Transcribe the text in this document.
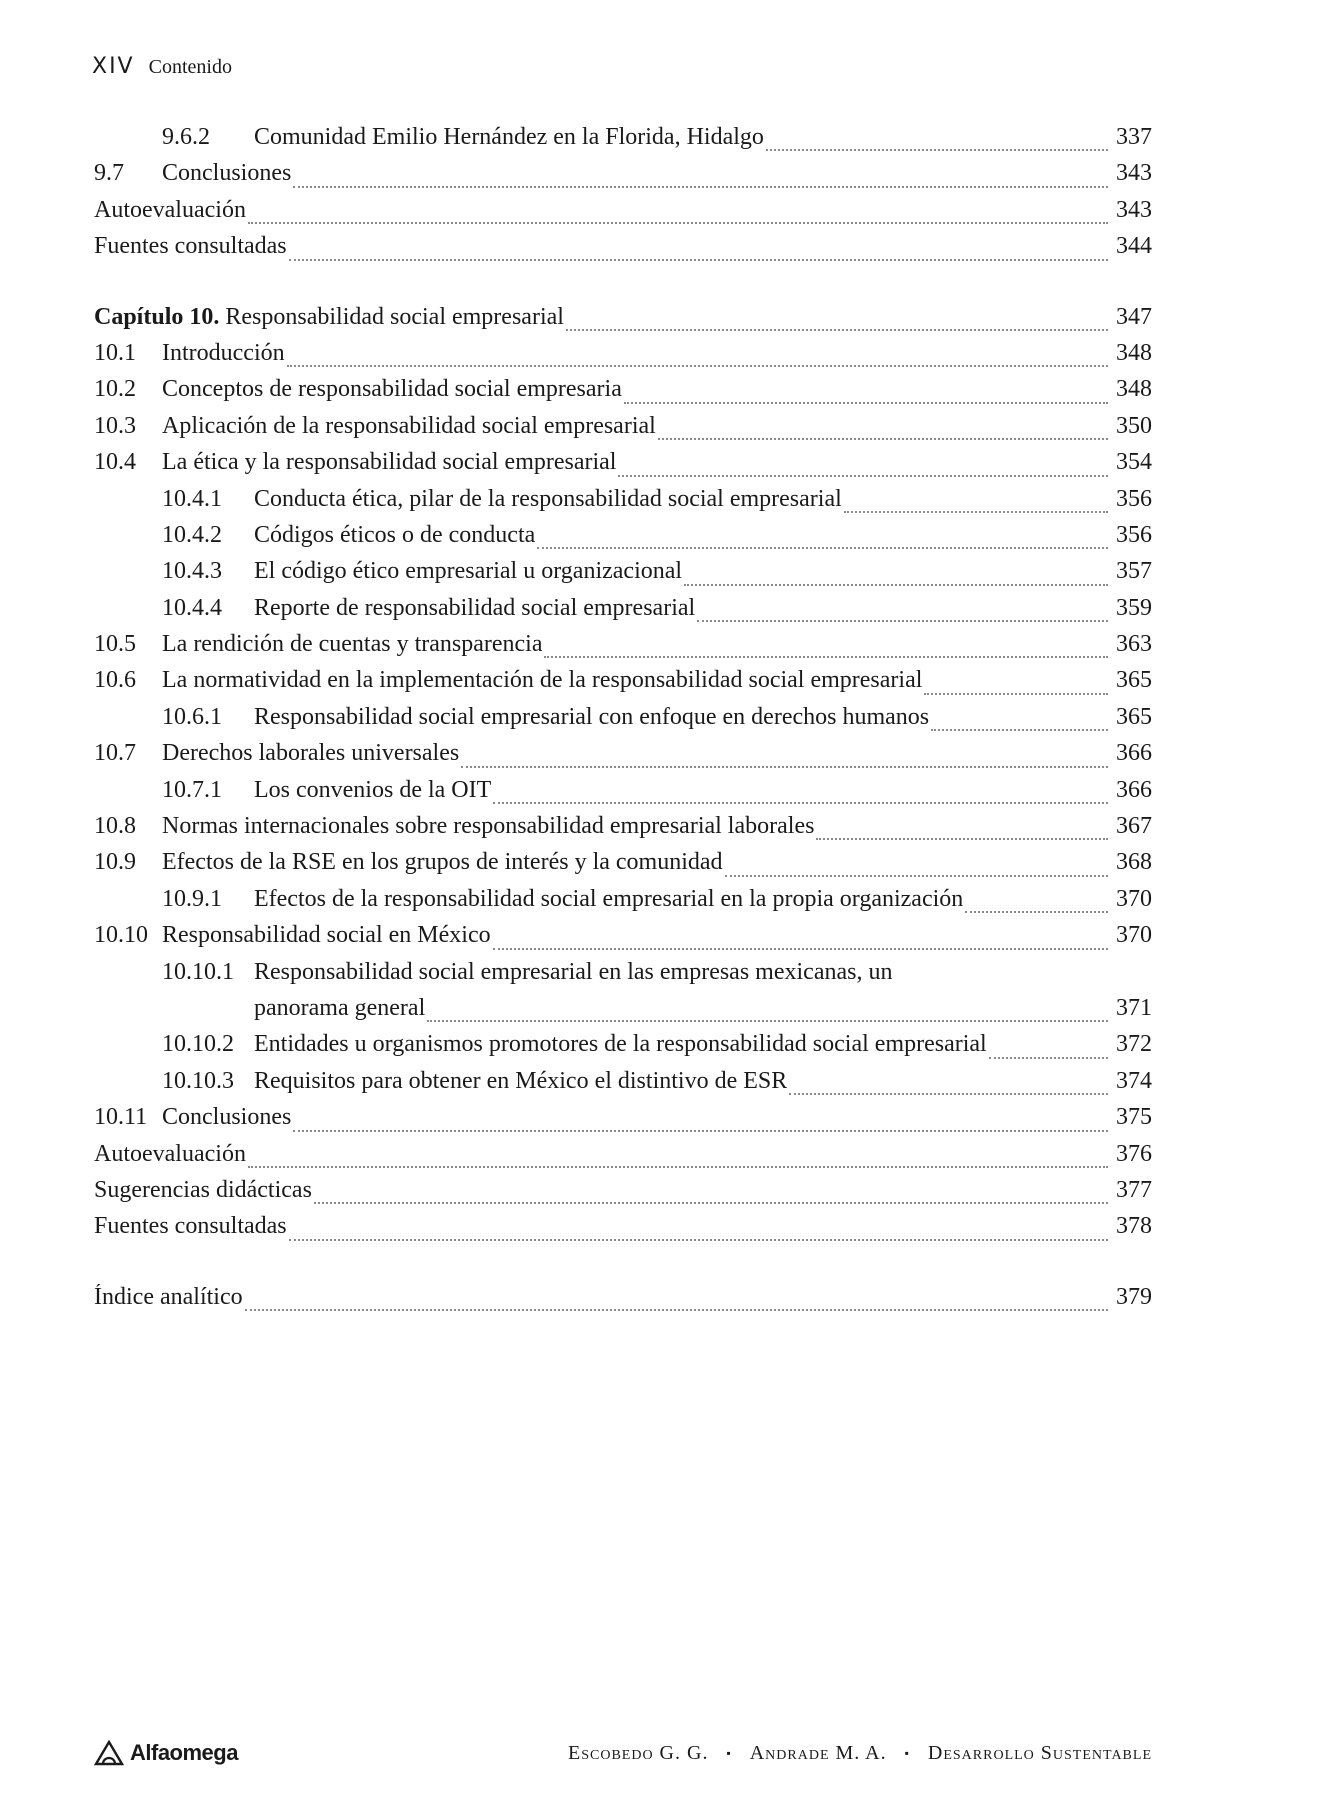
XIV Contenido
9.6.2	Comunidad Emilio Hernández en la Florida, Hidalgo	337
9.7	Conclusiones	343
Autoevaluación	343
Fuentes consultadas	344
Capítulo 10. Responsabilidad social empresarial	347
10.1	Introducción	348
10.2	Conceptos de responsabilidad social empresaria	348
10.3	Aplicación de la responsabilidad social empresarial	350
10.4	La ética y la responsabilidad social empresarial	354
10.4.1	Conducta ética, pilar de la responsabilidad social empresarial	356
10.4.2	Códigos éticos o de conducta	356
10.4.3	El código ético empresarial u organizacional	357
10.4.4	Reporte de responsabilidad social empresarial	359
10.5	La rendición de cuentas y transparencia	363
10.6	La normatividad en la implementación de la responsabilidad social empresarial	365
10.6.1	Responsabilidad social empresarial con enfoque en derechos humanos	365
10.7	Derechos laborales universales	366
10.7.1	Los convenios de la OIT	366
10.8	Normas internacionales sobre responsabilidad empresarial laborales	367
10.9	Efectos de la RSE en los grupos de interés y la comunidad	368
10.9.1	Efectos de la responsabilidad social empresarial en la propia organización	370
10.10 Responsabilidad social en México	370
10.10.1 Responsabilidad social empresarial en las empresas mexicanas, un
panorama general	371
10.10.2 Entidades u organismos promotores de la responsabilidad social empresarial	372
10.10.3 Requisitos para obtener en México el distintivo de ESR	374
10.11 Conclusiones	375
Autoevaluación	376
Sugerencias didácticas	377
Fuentes consultadas	378
Índice analítico	379
Alfaomega	Escobedo G. G. ▪ Andrade M. A. ▪ Desarrollo Sustentable
